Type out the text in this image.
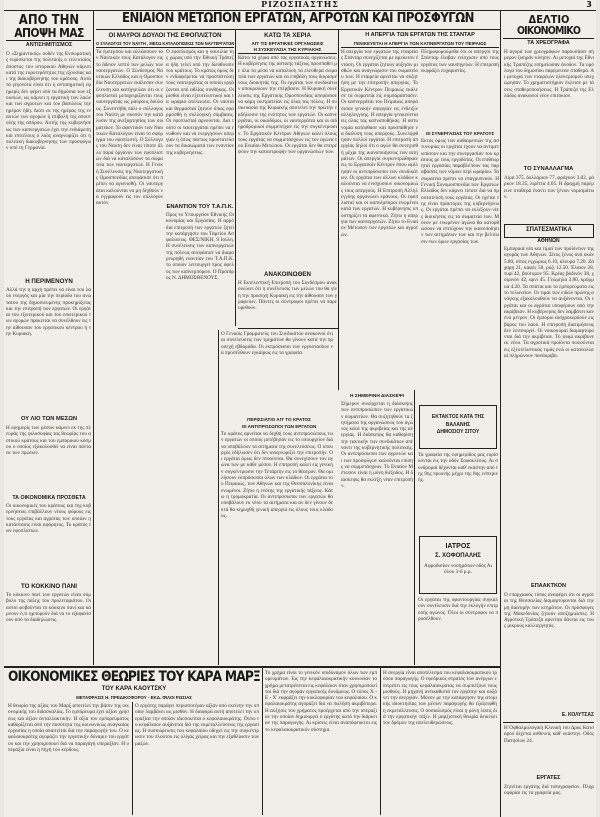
ΡΙΖΟΣΠΑΣΤΗΣ	3
ΕΝΙΑΙΟΝ ΜΕΤΩΠΟΝ ΕΡΓΑΤΩΝ, ΑΓΡΟΤΩΝ ΚΑΙ ΠΡΟΣΦΥΓΩΝ
ΑΠΟ ΤΗΝ
ΑΠΟΨΗ ΜΑΣ
ΑΝΤΙΣΗΜΙΤΙΣΜΟΣ
Ο «Σημαντικός» ουδέν της Ενσωματικής ευρίσκεται της πολιτικής ο τελευταίος άποστος του ιστορικού Αθηνών κάμνει κατά της ευρυτερότητος της εξουσίας και της διακυβέρνησης του κράτους. Αυτά τα γεγονότα είναι ότι η αντισημιτική εφημερίς δεν φέρει υπό τα δημόσια των εξουσιών, ως κάμνει η εργατική των λαών και των αγροτών και του βασιλέως την ημέραν ήδη. Διότι εκ της ημέρας της εν αυτών των αγορών ή επιβολή της αποστολής της απόρου. Αυτής της κυβερνήσεως των καπνεργατών έχει την ενδιάμεση και επιτέλους ο λαός αναγνωρίζει ότι η πολιτική διακυβέρνησης των προσφύγων υπό τη Γερμανία.
Η ΠΕΡΙΜΕΝΟΥΝ
Αλλά την η αρχή πρέπει να είναι του λαού ενεργός και μία την περίοδο του ανώτατου της δημοσιευμένης προκηρύξεως και την επιτροπή των εργατών. Οι εργάται του εξωτερικού και του εσωτερικού των αγορών πρόκειται να συνέλθουν εις την αίθουσαν του εργατικού κέντρου ή την Κυριακή.
ΟΥ ΛΙΟ ΤΩΝ ΜΕΣΩΝ
Η εφημερίς των μέσων κάμνει εκ της πλευράς της φιλοσοφίας τας θεωρίας του αστικού κράτους και του εμπορικού κόσμου ο οποίος εξακολουθεί να είναι πάντα εκ των πρώτων.
ΤΑ ΟΙΚΟΝΟΜΙΚΑ ΠΡΟΣΘΕΤΑ
Οι οικονομικές του κράτους και της κυβερνήσεως επιβάλλουν νέους φόρους εις τους εργάτας και αγρότας των οποίων η κατάστασις είναι αφόρητος. Το κράτος των εφοπλιστών.
ΤΟ ΚΟΚΚΙΝΟ ΠΑΝΙ
Το κόκκινο πανί των εργατών είναι σύμβολο της πάλης του προλεταριάτου. Οι αστοί φοβούνται το κόκκινο πανί και κάμνουν ό,τι ημπορούν διά να το εξαφανίσουν από τα διαδηλώσεις.
ΟΙ ΜΑΥΡΟΙ ΔΟΥΛΟΙ ΤΗΣ ΕΦΟΠΛΙΣΤΟΝ
Ο ΣΥΛΛΟΓΟΣ ΤΟΥ ΝΑΥΤΗ , ΜΕΣΩ ΚΑΤΑΛΟΠΙΣΕΩΣ ΤΩΝ ΝΑΥΤΕΡΓΑΤΩΝ
Τα έμπεμπου και αλλάσσουν τον Ναυτικόν τους Κατάλογον εις το άδειον λεπτό των μελών των ναυτεργατών. Ο Σύνδεσμος Ναυτικών Ελλάδος και η Ομοσπονδία Ναυτεργατών εκάλεσαν συνέλευση και κατήγγειλαν ότι οι εφοπλισταί μεταχειρίζονται τους ναυτεργάτας ως μαύρους δούλους. Συνεστήθη πάλι ο σύλλογος του Ναύτη με σκοπόν την κατάλυσιν της ανεξαρτησίας των σωματείων. Το αφεντικόν των Ναυτικών Καταλόγων είναι το σφύριγμα του εφοπλιστή. Ο Σύλλογος του Ναύτη δεν είναι τίποτε άλλο παρά όργανον των εφοπλιστών διά να καταλύσουν τα σωματεία των ναυτεργατών. Η Γενική Συνέλευσις της Ναυτεργατικής Ομοσπονδίας απεφάσισε ότι πρέπει να αγωνισθή. Οι ναυτεργάται καλούνται να μη δεχθούν να εγγραφούν εις τον σύλλογον αυτόν.
Ο εφοπλισμός και η ναυτιλία της χώρας υπό την Εθνική Τράπεζα ήδη τελεί υπό την διεύθυνσιν του κράτους. Το κράτος όμως δεν ενδιαφέρεται να προστατεύση τους ναυτεργάτας οι οποίοι εργάζονται υπό αθλίας συνθήκας. Οι μισθοί είναι εξευτελιστικοί και τα ωράρια ατέλειωτα. Οι ναύται και θερμασταί ζητούν όπως εφαρμοσθή η συλλογική σύμβασις. Οι εφοπλισταί αρνούνται. Δια τούτο οι ναυτεργάται πρέπει να ενωθούν και να ενεργήσουν απεργίαν ή όπως πάντως προστατεύσουν τα δικαιώματά των εναντίον της κυβερνήσεως.
ΕΝΑΝΤΙΟΝ ΤΟΥ Τ.Α.Π.Κ.
Προς το Υπουργείον Εθνικής Οικονομίας και Εργασίας. Η αρμόδια επιτροπή των εργατών ζητεί την κατάργησιν του Ταμείου Ασφαλίσεως. ΘΕΣ/ΝΙΚΗ, 9 Ιούλη. Η συνέλευσις των καπνεργατών της πόλεως απεφάσισε να διαμαρτυρηθή εναντίον του Τ.Α.Π.Κ. το οποίον λειτουργεί προς όφελος των καπνεμπόρων. Ο Πρόεδρος Ν. ΔΗΜΟΣΘΕΝΟΥΣ.
ΚΑΤΩ ΤΑ ΧΕΡΙΑ
ΑΠ' ΤΙΣ ΕΡΓΑΤΙΚΕΣ ΟΡΓΑΝΩΣΕΙΣ
Η ΣΥΣΚΕΥΑΣΙΑ ΤΗΣ ΚΥΡΙΑΚΗΣ
Κάτω τα χέρια από τας εργατικάς οργανώσεις. Η κυβέρνησις της αστικής τάξεως προσπαθεί με όλα τα μέσα να καταλύση τα ελεύθερα σωματεία των εργατών και να επιβάλη τους διορισμένους διοικητάς της. Οι εργάται των συνδικάτων αποκρούουν την επέμβασιν. Η Κυριακή συνέλευσις της Εργατικής Ομοσπονδίας απεφάσισε να κάμη εκστρατείαν εις όλας τας πόλεις. Η συσκευασία της Κυριακής αποτελεί την πρώτην εκδήλωσιν της ενότητος των εργατών. Οι καπνεργάται, οι οικοδόμοι, οι ναυτεργάται και οι σιδηροδρομικοί συμμετείχαν εις την συγκέντρωσιν. Το Εργατικόν Κέντρον Αθηνών καλεί όλους τους εργάτας να συμμετάσχουν εις τον αγώνα του Ενιαίου Μετώπου. Οι εργάται δεν θα επιτρέψουν την καταστροφήν των οργανώσεών των.
ΑΝΑΚΟΙΝΩΘΕΝ
Η Εκτελεστική Επιτροπή του Συνδέσμου ανακοινώνει ότι η συνέλευσις των μελών του θα γίνη την προσεχή Κυριακή εις την αίθουσαν των γραφείων. Πάντες οι σύντροφοι πρέπει να παρευρεθούν.
Η ΑΠΕΡΓΙΑ ΤΩΝ ΕΡΓΑΤΩΝ ΤΗΣ ΣΤΑΝΤΑΡ
ΓΕΝΙΚΕΥΕΤΑΙ Η ΑΠΕΡΓΙΑ ΤΩΝ ΚΑΠΝΕΡΓΑΤΩΝ ΤΟΥ ΠΕΙΡΑΙΩΣ
Η απεργία των εργατών της εταιρείας Στάνταρ συνεχίζεται με αμείωτον ένταση. Οι εργάται ζητούν αύξησιν μισθών και αναγνώρισιν του σωματείου των. Η εταιρεία αρνείται να συζητήση με την επιτροπήν απεργίας. Το Εργατικόν Κέντρον Πειραιώς εκάλεσε τα σωματεία εις συμπαράστασιν. Οι καπνεργάται του Πειραιώς απεφάσισαν γενικήν απεργίαν εις ένδειξιν αλληλεγγύης. Η απεργία γενικεύεται εις όλας τας καπναποθήκας. Η αστυνομία κατέφθασε και προσπάθησε να διαλύση τους απεργούς. Συνελήφθησαν πολλοί εργάται. Η επιτροπή απεργίας δηλοί ότι ο αγών θα συνεχισθή μέχρι της ικανοποιήσεως των αιτημάτων. Οι απεργοί συγκεντρώθηκαν εις το Εργατικόν Κέντρον όπου ωμίλησαν οι αντιπρόσωποι των συνδικάτων. Οι εργάται των άλλων κλάδων καλούνται να ενισχύσουν οικονομικώς τους απεργούς. Η Επιτροπή Αλληλεγγύης οργανώνει εράνους. Οι εφοπλισταί και οι καπνέμποροι ενωμένοι κατά των εργατών. Η κυβέρνησις υποστηρίζει τα αφεντικά. Ζήτω η απεργία των καπνεργατών. Ζήτω το Ενιαίον Μέτωπον των εργατών και αγροτών.
Πληροφορούμεθα ότι οι απεργοί της Στάνταρ έλαβαν ενίσχυσιν από τους εργάτας των ναυπηγείων. Η επιτροπή εκφράζει ευχαριστίες.
ΟΙ ΣΥΝΕΡΓΑΣΙΑΣ ΤΟΥ ΚΡΑΤΟΥΣ
Εκτός όμως των αυθαιρεσιών της αστυνομίας οι εργάται έχουν να αντιμετωπίσουν και την συνεργασίαν του κράτους με τους εργοδότας. Οι επιθεωρηταί εργασίας παραβλέπουν τας παραβάσεις των νόμων περί ωραρίου. Τα σωματεία πρέπει να επαγρυπνούν. Η Γενική Συνομοσπονδία των Εργατών Ελλάδος δεν κάμνει τίποτε διά να προστατεύση τους εργάτας. Οι ηγέται της είναι πράκτορες της κυβερνήσεως. Οι εργάται πρέπει να εκλέξουν νέες διοικήσεις εις τα σωματεία των. Μόνον με ενωμένον αγώνα θα κατορθώσουν να επιτύχουν την ικανοποίησιν των αιτημάτων των και την βελτίωσιν των όρων εργασίας των.
Ο Γενικός Γραμματεύς του Συνδικάτου ανακοινοί ότι αι συνελεύσεις των τμημάτων θα γίνουν κατά την προσεχή εβδομάδα. Οι εκπρόσωποι των εργοστασίων να προσέλθουν εγκαίρως εις τα γραφεία.
ΠΕΡΙΣΣΙΑΤΙΟ ΑΠ' ΤΟ ΚΡΑΤΟΣ
ΟΙ ΑΝΤΙΠΡΟΣΩΠΟΙ ΤΩΝ ΕΡΓΑΤΩΝ
Το κράτος αρνείται να δεχθή τους αντιπροσώπους των εργατών οι οποίοι μετέβησαν εις το υπουργείον διά να υποβάλουν τα αιτήματα της συνελεύσεως. Ο υπουργός εδήλωσεν ότι δεν αναγνωρίζει την επιτροπήν. Οι εργάται όμως δεν πτοούνται. Θα συνεχίσουν τον αγώνα των με κάθε μέσον. Η επιτροπή καλεί εις γενικήν συγκέντρωσιν την Τετάρτην εις το θέατρον. Θα ομιλήσουν εκπρόσωποι όλων των κλάδων. Οι εργάται του Πειραιώς, των Αθηνών και της Θεσσαλονίκης είναι ενωμένοι. Ζήτω η ενότης της εργατικής τάξεως. Κάτω η τρομοκρατία. Οι αντιπρόσωποι των εργατών θα υποβάλουν εκ νέου τα αιτήματα και αν δεν γίνουν δεκτά θα κηρυχθή γενική απεργία εις όλους τους κλάδους.
Η ΣΗΜΕΡΙΝΗ ΔΙΑΣΚΕΨΙ
Σήμερον συνέρχεται η διάσκεψις των αντιπροσώπων των εργατικών σωματείων. Θα συζητηθούν τα ζητήματα της οργανώσεως του αγώνος κατά της ακριβείας και της ανεργίας. Η διάσκεψις θα καθορίση την τακτικήν των συνδικάτων απέναντι της κυβερνητικής πολιτικής. Οι αντιπρόσωποι των αγροτών και των προσφύγων καλούνται επίσης να συμμετάσχουν. Το Ενιαίον Μέτωπον είναι η μόνη διέξοδος. Η διάσκεψις θα εκλέξη νέαν επιτροπήν.
ΕΚΤΑΚΤΟΣ ΚΑΤΑ ΤΗΣ ΒΑΛΑΝΗΣ
ΔΗΜΟΣΙΟΥ ΣΙΤΟΥ
Τα γραφεία της εφημερίδος μας ευρίσκονται εις την οδόν Σοφοκλέους. Αι συνδρομαί δέχονται καθ' εκάστην από της 9ης πρωινής μέχρι της 8ης εσπερινής.
ΙΑΤΡΟΣ
Σ. ΧΟΦΟΠΑΛΗΣ
Αφροδισίων νοσημάτων οδός Αιόλου 3-6 μ.μ.
Οι εργάται της υφαντουργίας συγκαλούν συνέλευσιν διά την εκλογήν επιτροπής αγώνος. Όλοι οι σύντροφοι να προσέλθουν.
ΔΕΛΤΙΟ
ΟΙΚΟΝΟΜΙΚΟ
ΤΑ ΧΡΕΟΓΡΑΦΑ
Η αγορά των χρεογράφων παρουσίασε σήμερον ζωηράν κίνησιν. Αι μετοχαί της Εθνικής Τραπέζης εσημείωσαν άνοδον. Τα ομόλογα του δημοσίου παρέμειναν σταθερά. Αι μετοχαί των εταιρειών ηλεκτρισμού υπεχώρησαν. Το χρηματιστήριον έκλεισε με τάσεις σταθεροποιήσεως. Η Τράπεζα της Ελλάδος ανακοινοί νέον επιτόκιον.
ΤΟ ΣΥΝΑΛΛΑΓΜΑ
Λίρα 375, δολλάριον 77, φράγκον 3.02, μάρκον 18.35, λιρέττα 4.05. Η δραχμή παρέμεινε σταθερά έναντι των ξένων νομισμάτων.
ΣΠΑΤΕΣΜΑΤΙΚΑ
ΑΘΗΝΩΝ
Εμπορικά νέα και τιμαί των προϊόντων της αγοράς των Αθηνών. Σίτος ξένος ανά οκάν 5.80, σίτος εγχώριος 6.10, άλευρα 7.20. Ζάχαρη 21, καφές 58, ρύζι 12.50. Έλαιον 28, τυρί 42, βούτυρον 95. Κρέας βοδινόν 38, χοιρινόν 42, αρνί 45. Γεώμηλα 3.80, κρόμμυα 4.20. Τα σπάτια και τα εμπορεύματα εις το τελωνείον. Οι τιμαί των ειδών πρώτης ανάγκης εξακολουθούν να αυξάνονται. Οι εργάται και οι αγρόται υποφέρουν από την ακρίβειαν. Η κυβέρνησις δεν λαμβάνει κανένα μέτρον. Οι έμποροι αισχροκερδούν εις βάρος του λαού. Η επιτροπή διατιμήσεως δεν λειτουργεί. Οι νοικοκυραί διαμαρτύρονται διά την ακρίβειαν. Το ψωμί ακρίβυνε εκ νέου. Τα αγροτικά προϊόντα πωλούνται εις εξευτελιστικάς τιμάς ενώ οι καταναλωταί πληρώνουν πανάκριβα.
ΕΠΑΑΚΤΚΟΝ
Ο επαρχιακός τύπος αναφέρει ότι οι αγρόται της Θεσσαλίας διαμαρτύρονται διά την μη διανομήν των κτημάτων. Οι πρόσφυγες της Μακεδονίας ζητούν αποζημιώσεις. Η Αγροτική Τράπεζα αρνείται δάνεια εις τους μικρούς καλλιεργητάς.
Ε. ΚΟΛΥΤΣΑΣ
Η Οφθαλμολογική Κλινική του Δρος Κατσαρού δέχεται ασθενείς καθ' εκάστην. Οδός Πατησίων 24.
ΕΡΓΑΤΕΣ
Ζητείται εργάτης διά τυπογραφείον. Πληροφορίαι εις τα γραφεία μας.
ΟΙΚΟΝΟΜΙΚΕΣ ΘΕΩΡΙΕΣ ΤΟΥ ΚΑΡΑ ΜΑΡΞ
ΤΟΥ ΚΑΡΑ ΚΑΟΥΤΣΚΥ
ΜΕΤΑΦΡΑΣΙΣ Η. ΠΡΕΔΙΚΟΦΟΡΟΥ - ΕΚΔ. ΦΙΛΟΙ ΡΩΣΙΑΣ
Η θεωρία της αξίας του Μαρξ αποτελεί την βάσιν της οικονομικής του διδασκαλίας. Το εμπόρευμα έχει αξίαν χρήσεως και αξίαν ανταλλακτικήν. Η αξία του εμπορεύματος καθορίζεται από την ποσότητα της κοινωνικώς αναγκαίας εργασίας η οποία απαιτείται διά την παραγωγήν του. Ο κεφαλαιοκράτης αγοράζει την εργατικήν δύναμιν του εργάτου και την χρησιμοποιεί διά να παραγάγη υπεραξίαν. Η υπεραξία είναι η πηγή του κέρδους.
Ο εργάτης παράγει περισσοτέραν αξίαν από εκείνην την οποίαν λαμβάνει ως μισθόν. Η διαφορά αυτή αποτελεί την υπεραξίαν την οποίαν ιδιοποιείται ο κεφαλαιοκράτης. Ούτω το κεφάλαιον αυξάνεται διά της εκμεταλλεύσεως της εργασίας. Η συσσώρευσις του κεφαλαίου οδηγεί εις την συγκέντρωσιν του πλούτου εις ολίγας χείρας και την εξαθλίωσιν των μαζών.
Το χρήμα είναι το γενικόν ισοδύναμον όλων των εμπορευμάτων. Εις την κεφαλαιοκρατικήν κοινωνίαν το χρήμα μετατρέπεται εις κεφάλαιον όταν χρησιμοποιείται διά την αγοράν εργατικής δυνάμεως. Ο τύπος Χ - Ε - Χ' εκφράζει την κυκλοφορίαν του κεφαλαίου. Ο κεφαλαιοκράτης αγοράζει διά να πωλήση ακριβότερα. Η αύξησις του χρήματος προέρχεται από την υπεραξίαν την οποίαν δημιουργεί ο εργάτης κατά την διάρκειαν της παραγωγής. Αι κρίσεις είναι αναπόφευκτοι εις το κεφαλαιοκρατικόν σύστημα.
Η ανεργία είναι αποτέλεσμα του κεφαλαιοκρατικού τρόπου παραγωγής. Ο εφεδρικός στρατός των ανέργων επιτρέπει εις τους κεφαλαιοκράτας να συμπιέζουν τους μισθούς. Η μηχανή αντικαθιστά τον εργάτην και αυξάνει την ανεργίαν. Μόνον με την κατάργησιν της ατομικής ιδιοκτησίας των μέσων παραγωγής θα εξαλειφθή η εκμετάλλευσις. Ο σοσιαλισμός είναι η μόνη λύσις διά την εργατικήν τάξιν. Η μαρξιστική θεωρία δεικνύει τον δρόμον της απελευθερώσεως.
